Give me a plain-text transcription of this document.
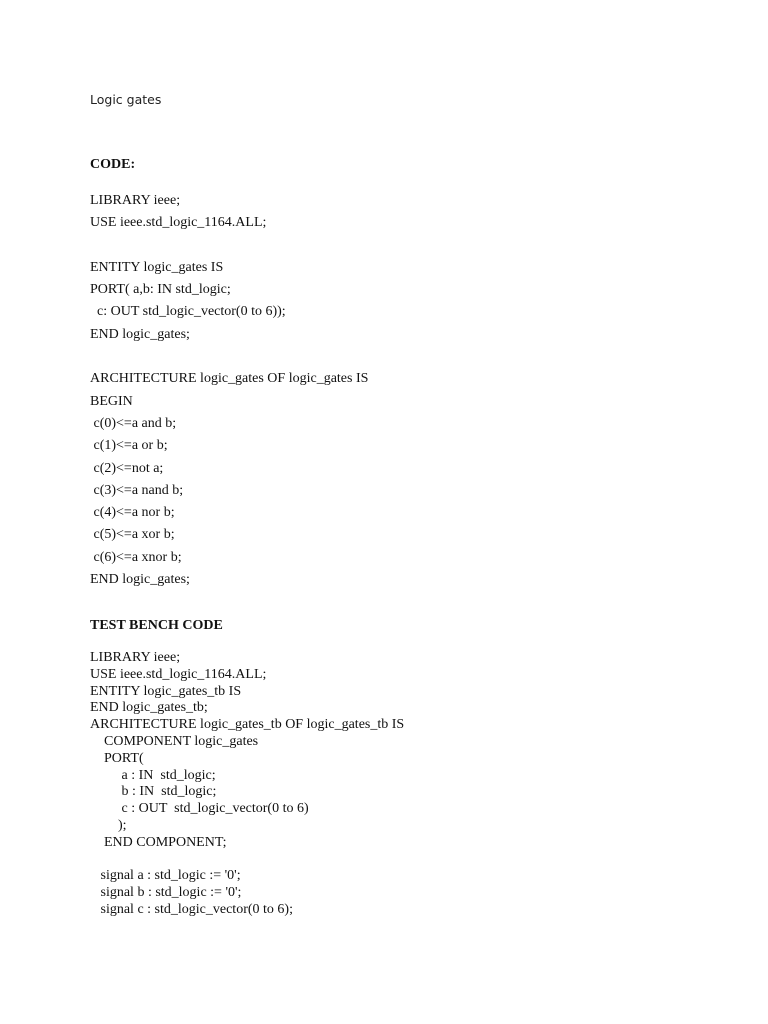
Logic gates
CODE:
LIBRARY ieee;
USE ieee.std_logic_1164.ALL;
ENTITY logic_gates IS
PORT( a,b: IN std_logic;
c: OUT std_logic_vector(0 to 6));
END logic_gates;
ARCHITECTURE logic_gates OF logic_gates IS
BEGIN
c(0)<=a and b;
c(1)<=a or b;
c(2)<=not a;
c(3)<=a nand b;
c(4)<=a nor b;
c(5)<=a xor b;
c(6)<=a xnor b;
END logic_gates;
TEST BENCH CODE
LIBRARY ieee;
USE ieee.std_logic_1164.ALL;
ENTITY logic_gates_tb IS
END logic_gates_tb;
ARCHITECTURE logic_gates_tb OF logic_gates_tb IS
COMPONENT logic_gates
PORT(
a : IN  std_logic;
b : IN  std_logic;
c : OUT  std_logic_vector(0 to 6)
);
END COMPONENT;
signal a : std_logic := '0';
signal b : std_logic := '0';
signal c : std_logic_vector(0 to 6);
